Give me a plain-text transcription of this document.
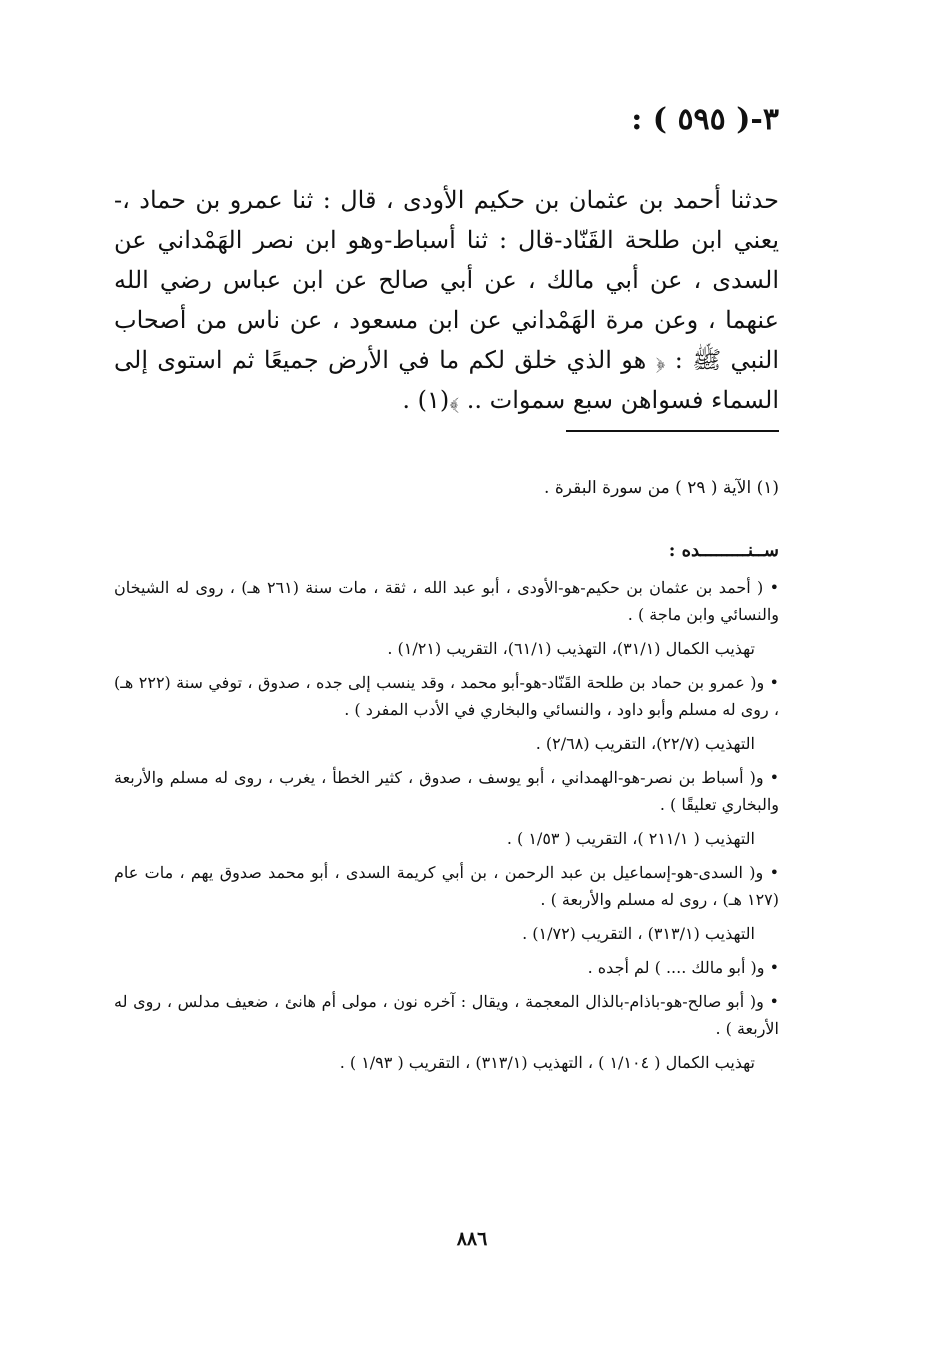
٣-( ٥٩٥ ) :

حدثنا أحمد بن عثمان بن حكيم الأودى ، قال : ثنا عمرو بن حماد ،-يعني ابن طلحة القَنّاد-قال : ثنا أسباط-وهو ابن نصر الهَمْداني عن السدى ، عن أبي مالك ، عن أبي صالح عن ابن عباس رضي الله عنهما ، وعن مرة الهَمْداني عن ابن مسعود ، عن ناس من أصحاب النبي ﷺ : ﴿ هو الذي خلق لكم ما في الأرض جميعًا ثم استوى إلى السماء فسواهن سبع سموات .. ﴾(١) .

(١) الآية ( ٢٩ ) من سورة البقرة .
ســنـــــــــده :

• ( أحمد بن عثمان بن حكيم-هو-الأودى ، أبو عبد الله ، ثقة ، مات سنة (٢٦١ هـ) ، روى له الشيخان والنسائي وابن ماجة ) .

تهذيب الكمال (٣١/١)، التهذيب (٦١/١)، التقريب (١/٢١) .

• و( عمرو بن حماد بن طلحة القَنّاد-هو-أبو محمد ، وقد ينسب إلى جده ، صدوق ، توفي سنة (٢٢٢ هـ) ، روى له مسلم وأبو داود ، والنسائي والبخاري في الأدب المفرد ) .

التهذيب (٢٢/٧)، التقريب (٢/٦٨) .

• و( أسباط بن نصر-هو-الهمداني ، أبو يوسف ، صدوق ، كثير الخطأ ، يغرب ، روى له مسلم والأربعة والبخاري تعليقًا ) .

التهذيب ( ٢١١/١ )، التقريب ( ١/٥٣ ) .

• و( السدى-هو-إسماعيل بن عبد الرحمن ، بن أبي كريمة السدى ، أبو محمد صدوق يهم ، مات عام (١٢٧ هـ) ، روى له مسلم والأربعة ) .

التهذيب (٣١٣/١) ، التقريب (١/٧٢) .

• و( أبو مالك .... ) لم أجده .

• و( أبو صالح-هو-باذام-بالذال المعجمة ، ويقال : آخره نون ، مولى أم هانئ ، ضعيف مدلس ، روى له الأربعة ) .

تهذيب الكمال ( ١/١٠٤ ) ، التهذيب (٣١٣/١) ، التقريب ( ١/٩٣ ) .

٨٨٦
